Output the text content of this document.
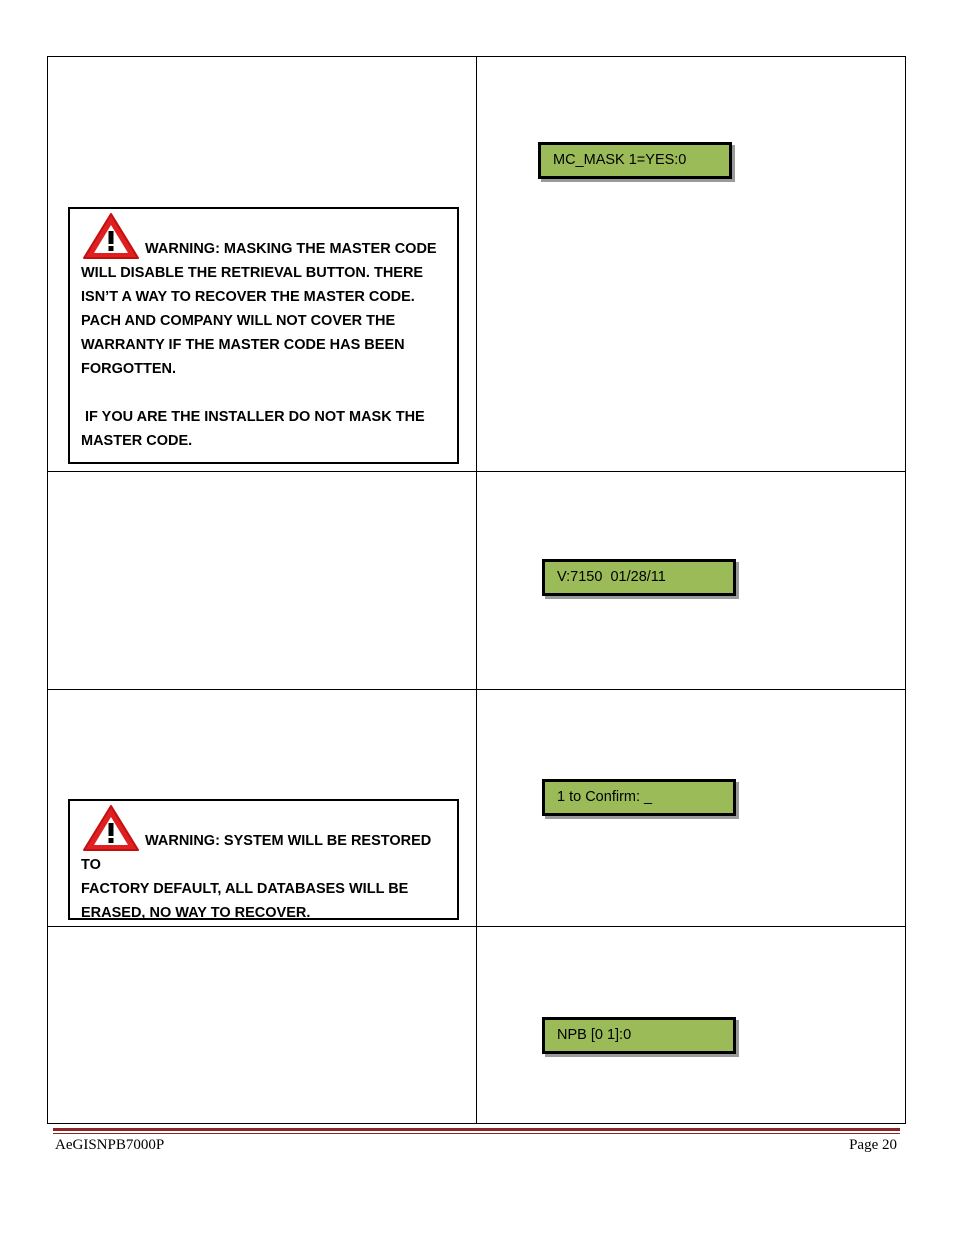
WARNING: MASKING THE MASTER CODE

WILL DISABLE THE RETRIEVAL BUTTON. THERE

ISN’T A WAY TO RECOVER THE MASTER CODE.

PACH AND COMPANY WILL NOT COVER THE

WARRANTY IF THE MASTER CODE HAS BEEN

FORGOTTEN.

IF YOU ARE THE INSTALLER DO NOT MASK THE

MASTER CODE.

WARNING: SYSTEM WILL BE RESTORED TO

FACTORY DEFAULT, ALL DATABASES WILL BE

ERASED, NO WAY TO RECOVER.

MC_MASK 1=YES:0
V:7150  01/28/11
1 to Confirm: _
NPB [0 1]:0
AeGISNPB7000P	Page 20
